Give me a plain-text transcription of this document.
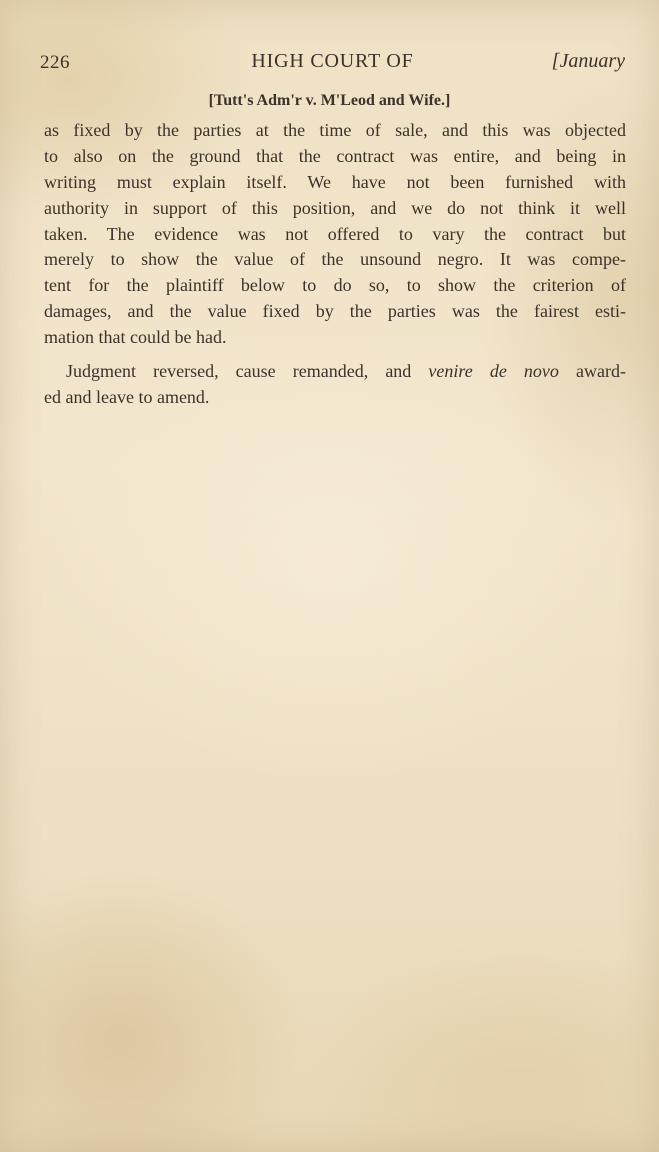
226	HIGH COURT OF	[January
[Tutt's Adm'r v. M'Leod and Wife.]
as fixed by the parties at the time of sale, and this was objected
to also on the ground that the contract was entire, and being in
writing must explain itself. We have not been furnished with
authority in support of this position, and we do not think it well
taken. The evidence was not offered to vary the contract but
merely to show the value of the unsound negro. It was compe-
tent for the plaintiff below to do so, to show the criterion of
damages, and the value fixed by the parties was the fairest esti-
mation that could be had.
Judgment reversed, cause remanded, and venire de novo award-
ed and leave to amend.
